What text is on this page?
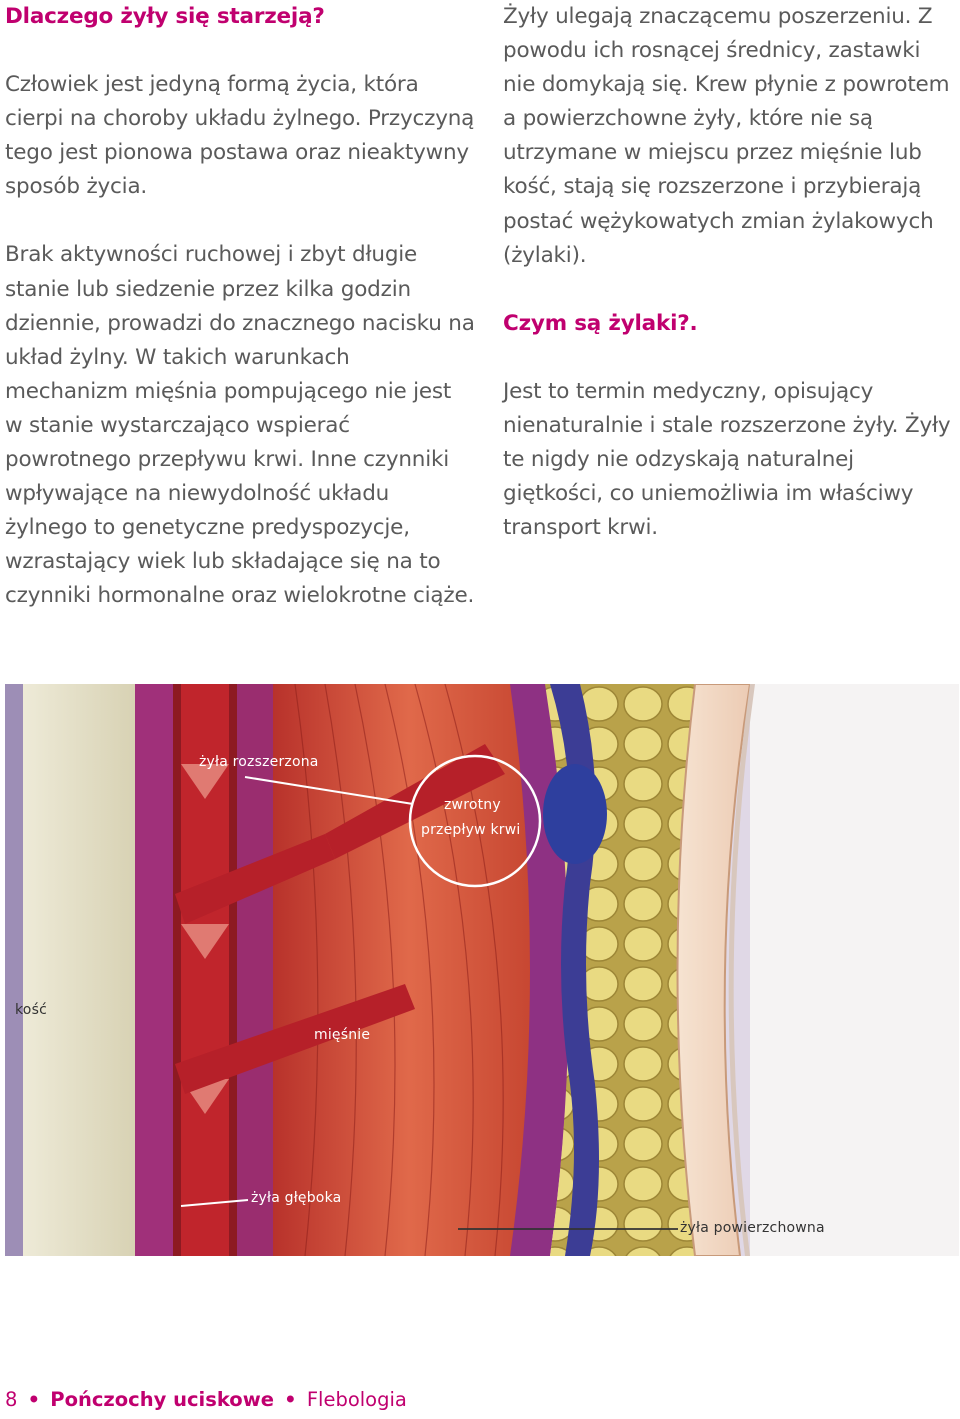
Dlaczego żyły się starzeją?

Człowiek jest jedyną formą życia, która cierpi na choroby układu żylnego. Przyczyną tego jest pionowa postawa oraz nieaktywny sposób życia.

Brak aktywności ruchowej i zbyt długie stanie lub siedzenie przez kilka godzin dziennie, prowadzi do znacznego nacisku na układ żylny. W takich warunkach mechanizm mięśnia pompującego nie jest w stanie wystarczająco wspierać powrotnego przepływu krwi. Inne czynniki wpływające na niewydolność układu żylnego to genetyczne predyspozycje, wzrastający wiek lub składające się na to czynniki hormonalne oraz wielokrotne ciąże.

Żyły ulegają znaczącemu poszerzeniu. Z powodu ich rosnącej średnicy, zastawki nie domykają się. Krew płynie z powrotem a powierzchowne żyły, które nie są utrzymane w miejscu przez mięśnie lub kość, stają się rozszerzone i przybierają postać wężykowatych zmian żylakowych (żylaki).

Czym są żylaki?.

Jest to termin medyczny, opisujący nienaturalnie i stale rozszerzone żyły. Żyły te nigdy nie odzyskają naturalnej giętkości, co uniemożliwia im właściwy transport krwi.

żyła rozszerzona
zwrotny
przepływ krwi
kość
mięśnie
żyła głęboka
żyła powierzchowna
8 • Pończochy uciskowe • Flebologia
